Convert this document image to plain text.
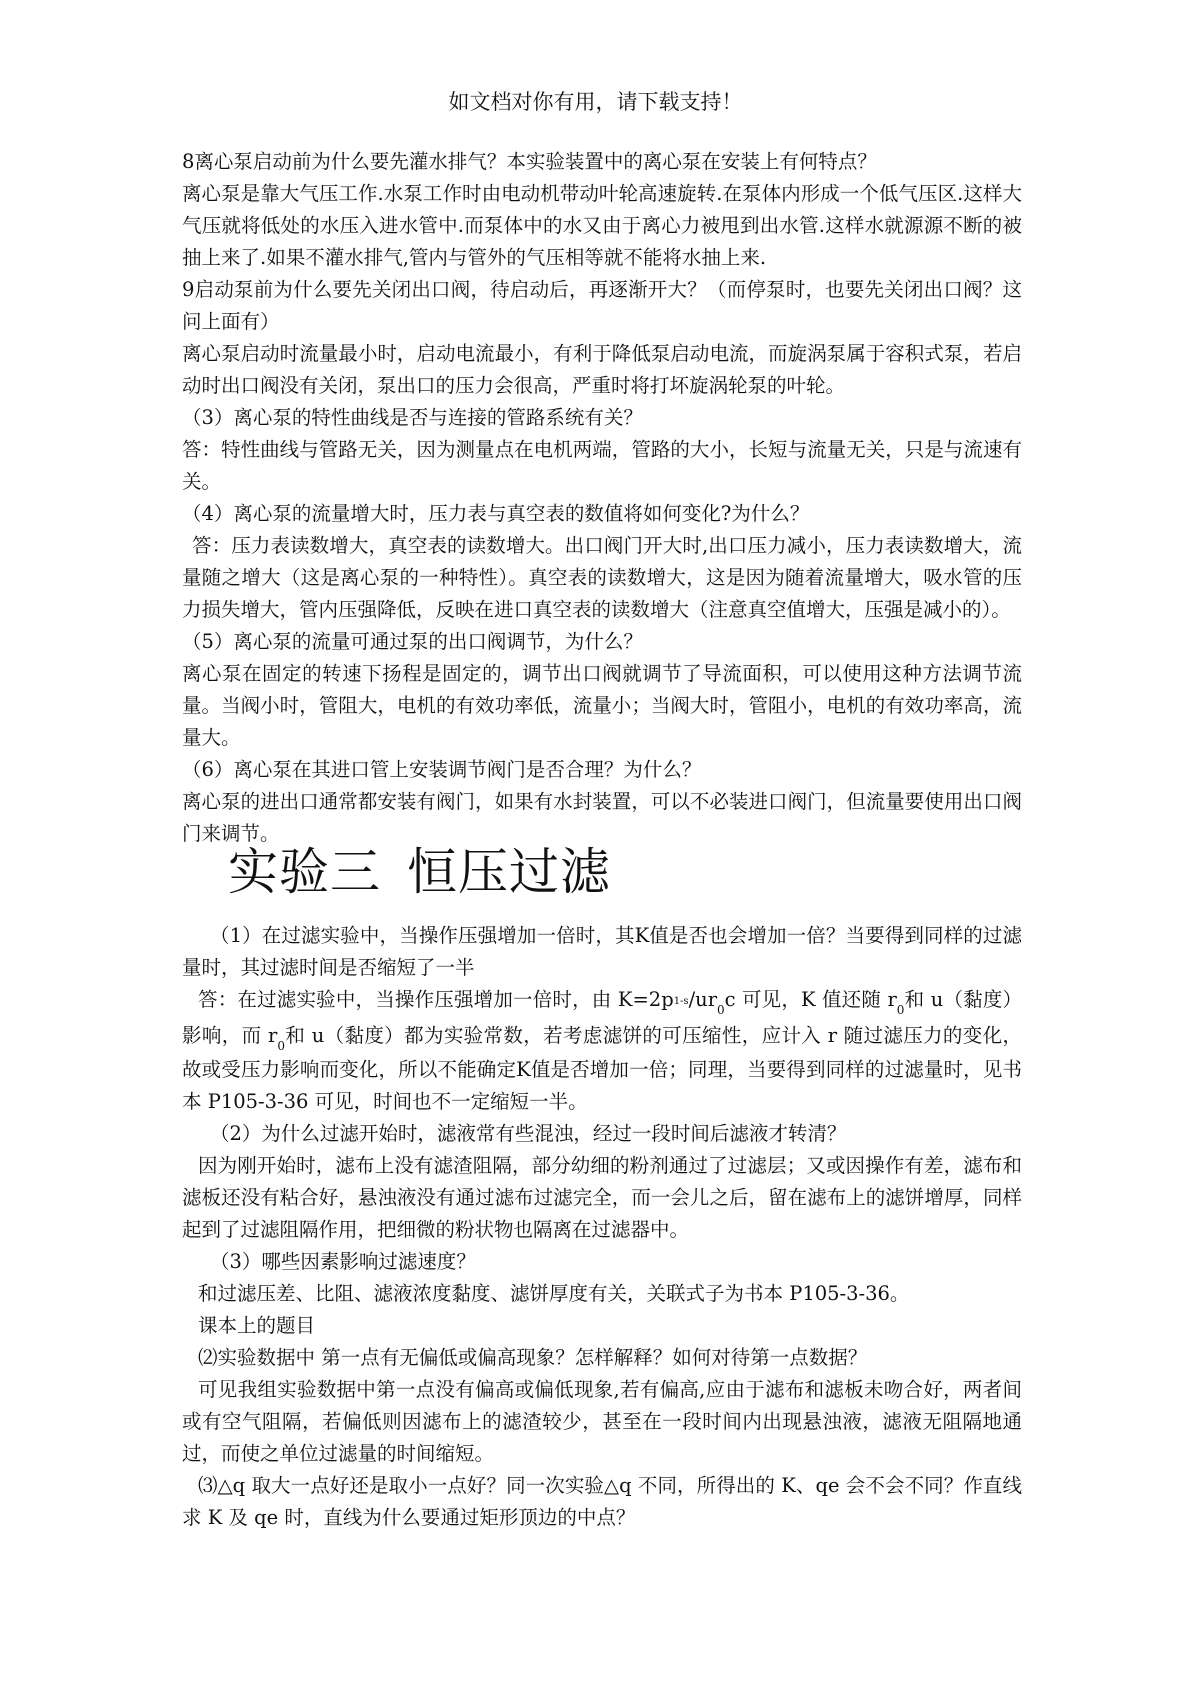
如文档对你有用，请下载支持！

8离心泵启动前为什么要先灌水排气？本实验装置中的离心泵在安装上有何特点？

离心泵是靠大气压工作.水泵工作时由电动机带动叶轮高速旋转.在泵体内形成一个低气压区.这样大气压就将低处的水压入进水管中.而泵体中的水又由于离心力被甩到出水管.这样水就源源不断的被抽上来了.如果不灌水排气,管内与管外的气压相等就不能将水抽上来.

9启动泵前为什么要先关闭出口阀，待启动后，再逐渐开大？（而停泵时，也要先关闭出口阀？这问上面有）

离心泵启动时流量最小时，启动电流最小，有利于降低泵启动电流，而旋涡泵属于容积式泵，若启动时出口阀没有关闭，泵出口的压力会很高，严重时将打坏旋涡轮泵的叶轮。

（3）离心泵的特性曲线是否与连接的管路系统有关？

答：特性曲线与管路无关，因为测量点在电机两端，管路的大小，长短与流量无关，只是与流速有关。

（4）离心泵的流量增大时，压力表与真空表的数值将如何变化?为什么？

答：压力表读数增大，真空表的读数增大。出口阀门开大时,出口压力减小，压力表读数增大，流量随之增大（这是离心泵的一种特性）。真空表的读数增大，这是因为随着流量增大，吸水管的压力损失增大，管内压强降低，反映在进口真空表的读数增大（注意真空值增大，压强是减小的）。

（5）离心泵的流量可通过泵的出口阀调节，为什么？

离心泵在固定的转速下扬程是固定的，调节出口阀就调节了导流面积，可以使用这种方法调节流量。当阀小时，管阻大，电机的有效功率低，流量小；当阀大时，管阻小，电机的有效功率高，流量大。

（6）离心泵在其进口管上安装调节阀门是否合理？为什么？

离心泵的进出口通常都安装有阀门，如果有水封装置，可以不必装进口阀门，但流量要使用出口阀门来调节。

实验三 恒压过滤

（1）在过滤实验中，当操作压强增加一倍时，其K值是否也会增加一倍？当要得到同样的过滤量时，其过滤时间是否缩短了一半

答：在过滤实验中，当操作压强增加一倍时，由 $K=2p1-s/ur_0c$ 可见，K 值还随 $r_0$和 u（黏度）影响，而 $r_0$和 u（黏度）都为实验常数，若考虑滤饼的可压缩性，应计入 r 随过滤压力的变化，故或受压力影响而变化，所以不能确定K值是否增加一倍；同理，当要得到同样的过滤量时，见书本 P105-3-36 可见，时间也不一定缩短一半。

（2）为什么过滤开始时，滤液常有些混浊，经过一段时间后滤液才转清？

因为刚开始时，滤布上没有滤渣阻隔，部分幼细的粉剂通过了过滤层；又或因操作有差，滤布和滤板还没有粘合好，悬浊液没有通过滤布过滤完全，而一会儿之后，留在滤布上的滤饼增厚，同样起到了过滤阻隔作用，把细微的粉状物也隔离在过滤器中。

（3）哪些因素影响过滤速度？

和过滤压差、比阻、滤液浓度黏度、滤饼厚度有关，关联式子为书本 P105-3-36。

课本上的题目

⑵实验数据中 第一点有无偏低或偏高现象？怎样解释？如何对待第一点数据？

可见我组实验数据中第一点没有偏高或偏低现象,若有偏高,应由于滤布和滤板未吻合好，两者间或有空气阻隔，若偏低则因滤布上的滤渣较少，甚至在一段时间内出现悬浊液，滤液无阻隔地通过，而使之单位过滤量的时间缩短。

⑶△q 取大一点好还是取小一点好？同一次实验△q 不同，所得出的 K、qe 会不会不同？作直线求 K 及 qe 时，直线为什么要通过矩形顶边的中点？
